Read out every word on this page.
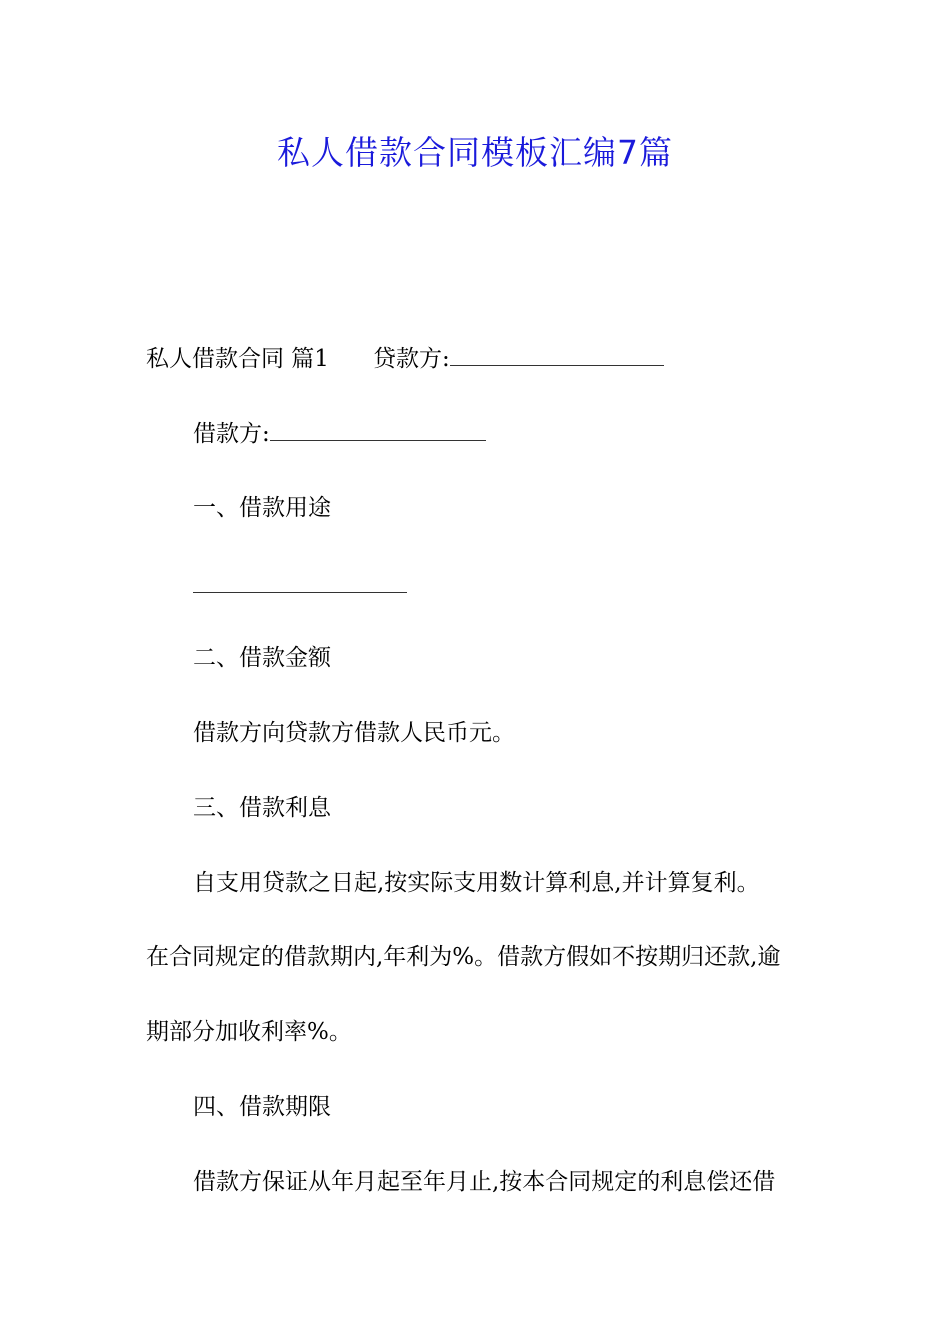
私人借款合同模板汇编7篇

私人借款合同 篇1 贷款方:

借款方:

一、借款用途

二、借款金额

借款方向贷款方借款人民币元。

三、借款利息

自支用贷款之日起,按实际支用数计算利息,并计算复利。

在合同规定的借款期内,年利为%。借款方假如不按期归还款,逾

期部分加收利率%。

四、借款期限

借款方保证从年月起至年月止,按本合同规定的利息偿还借
